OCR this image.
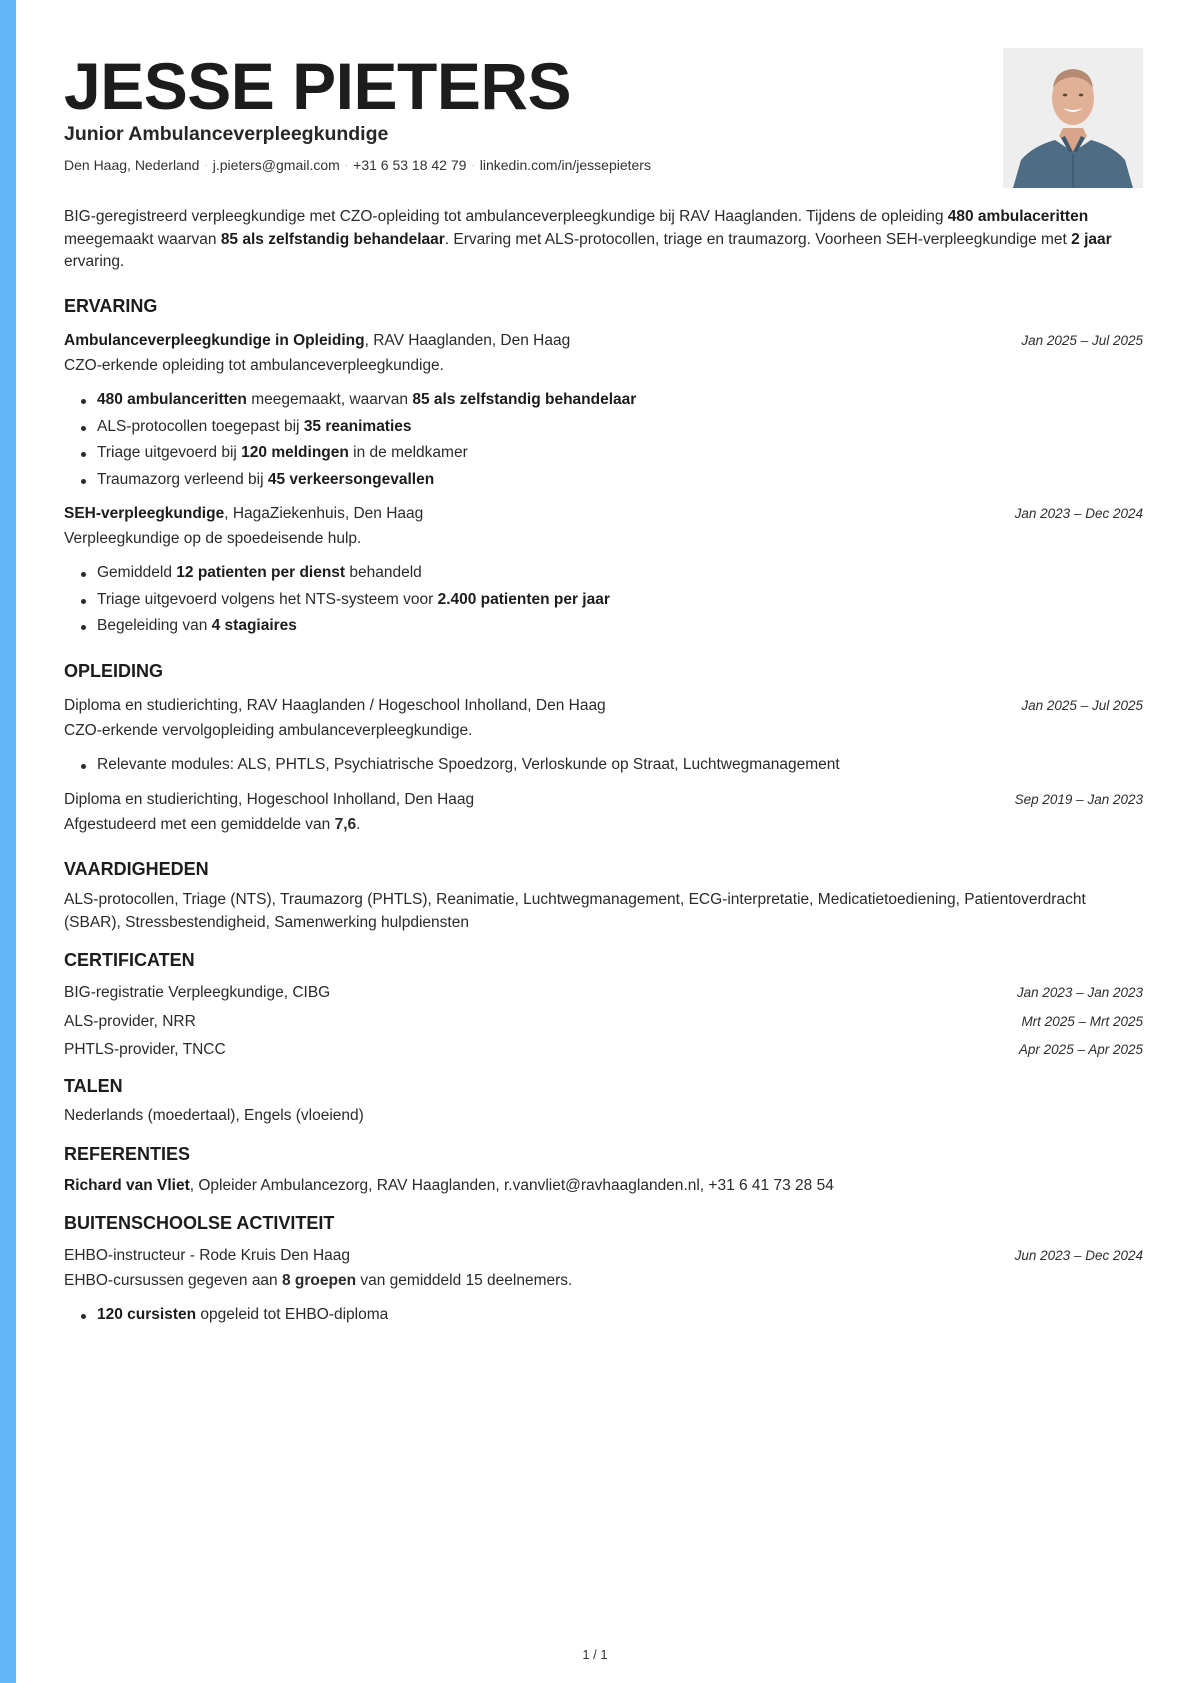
JESSE PIETERS
Junior Ambulanceverpleegkundige
Den Haag, Nederland · j.pieters@gmail.com · +31 6 53 18 42 79 · linkedin.com/in/jessepieters
BIG-geregistreerd verpleegkundige met CZO-opleiding tot ambulanceverpleegkundige bij RAV Haaglanden. Tijdens de opleiding 480 ambulaceritten meegemaakt waarvan 85 als zelfstandig behandelaar. Ervaring met ALS-protocollen, triage en traumazorg. Voorheen SEH-verpleegkundige met 2 jaar ervaring.
ERVARING
Ambulanceverpleegkundige in Opleiding, RAV Haaglanden, Den Haag	Jan 2025 – Jul 2025
CZO-erkende opleiding tot ambulanceverpleegkundige.
480 ambulanceritten meegemaakt, waarvan 85 als zelfstandig behandelaar
ALS-protocollen toegepast bij 35 reanimaties
Triage uitgevoerd bij 120 meldingen in de meldkamer
Traumazorg verleend bij 45 verkeersongevallen
SEH-verpleegkundige, HagaZiekenhuis, Den Haag	Jan 2023 – Dec 2024
Verpleegkundige op de spoedeisende hulp.
Gemiddeld 12 patienten per dienst behandeld
Triage uitgevoerd volgens het NTS-systeem voor 2.400 patienten per jaar
Begeleiding van 4 stagiaires
OPLEIDING
Diploma en studierichting, RAV Haaglanden / Hogeschool Inholland, Den Haag	Jan 2025 – Jul 2025
CZO-erkende vervolgopleiding ambulanceverpleegkundige.
Relevante modules: ALS, PHTLS, Psychiatrische Spoedzorg, Verloskunde op Straat, Luchtwegmanagement
Diploma en studierichting, Hogeschool Inholland, Den Haag	Sep 2019 – Jan 2023
Afgestudeerd met een gemiddelde van 7,6.
VAARDIGHEDEN
ALS-protocollen, Triage (NTS), Traumazorg (PHTLS), Reanimatie, Luchtwegmanagement, ECG-interpretatie, Medicatietoediening, Patientoverdracht (SBAR), Stressbestendigheid, Samenwerking hulpdiensten
CERTIFICATEN
BIG-registratie Verpleegkundige, CIBG	Jan 2023 – Jan 2023
ALS-provider, NRR	Mrt 2025 – Mrt 2025
PHTLS-provider, TNCC	Apr 2025 – Apr 2025
TALEN
Nederlands (moedertaal), Engels (vloeiend)
REFERENTIES
Richard van Vliet, Opleider Ambulancezorg, RAV Haaglanden, r.vanvliet@ravhaaglanden.nl, +31 6 41 73 28 54
BUITENSCHOOLSE ACTIVITEIT
EHBO-instructeur - Rode Kruis Den Haag	Jun 2023 – Dec 2024
EHBO-cursussen gegeven aan 8 groepen van gemiddeld 15 deelnemers.
120 cursisten opgeleid tot EHBO-diploma
1 / 1
